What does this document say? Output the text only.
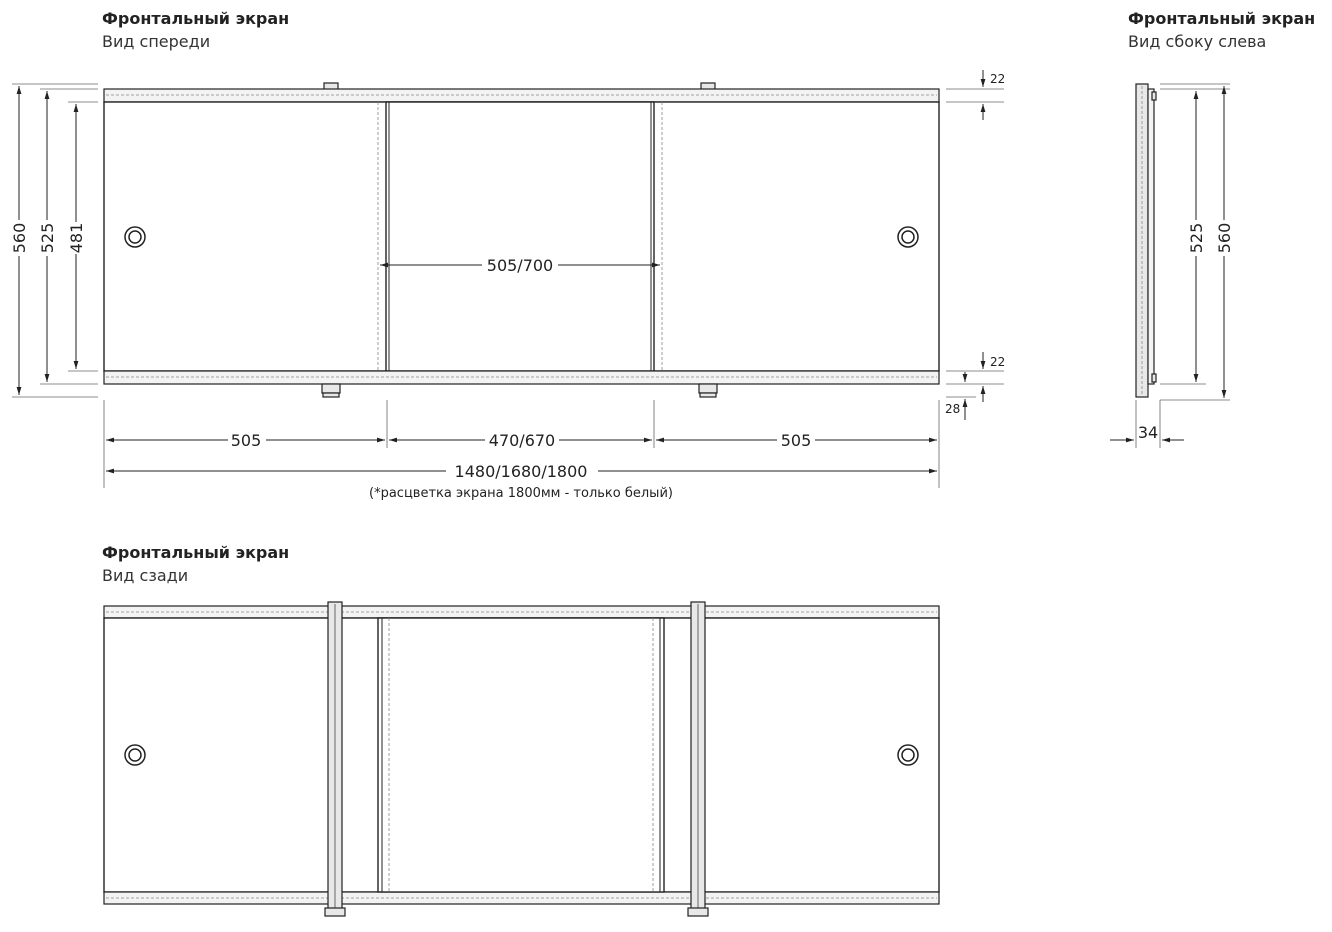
Фронтальный экран
Вид спереди
560 525 481
22
22
28
505/700
505	470/670	505
1480/1680/1800
(*расцветка экрана 1800мм - только белый)
Фронтальный экран
Вид сбоку слева
525 560
34
Фронтальный экран
Вид сзади
